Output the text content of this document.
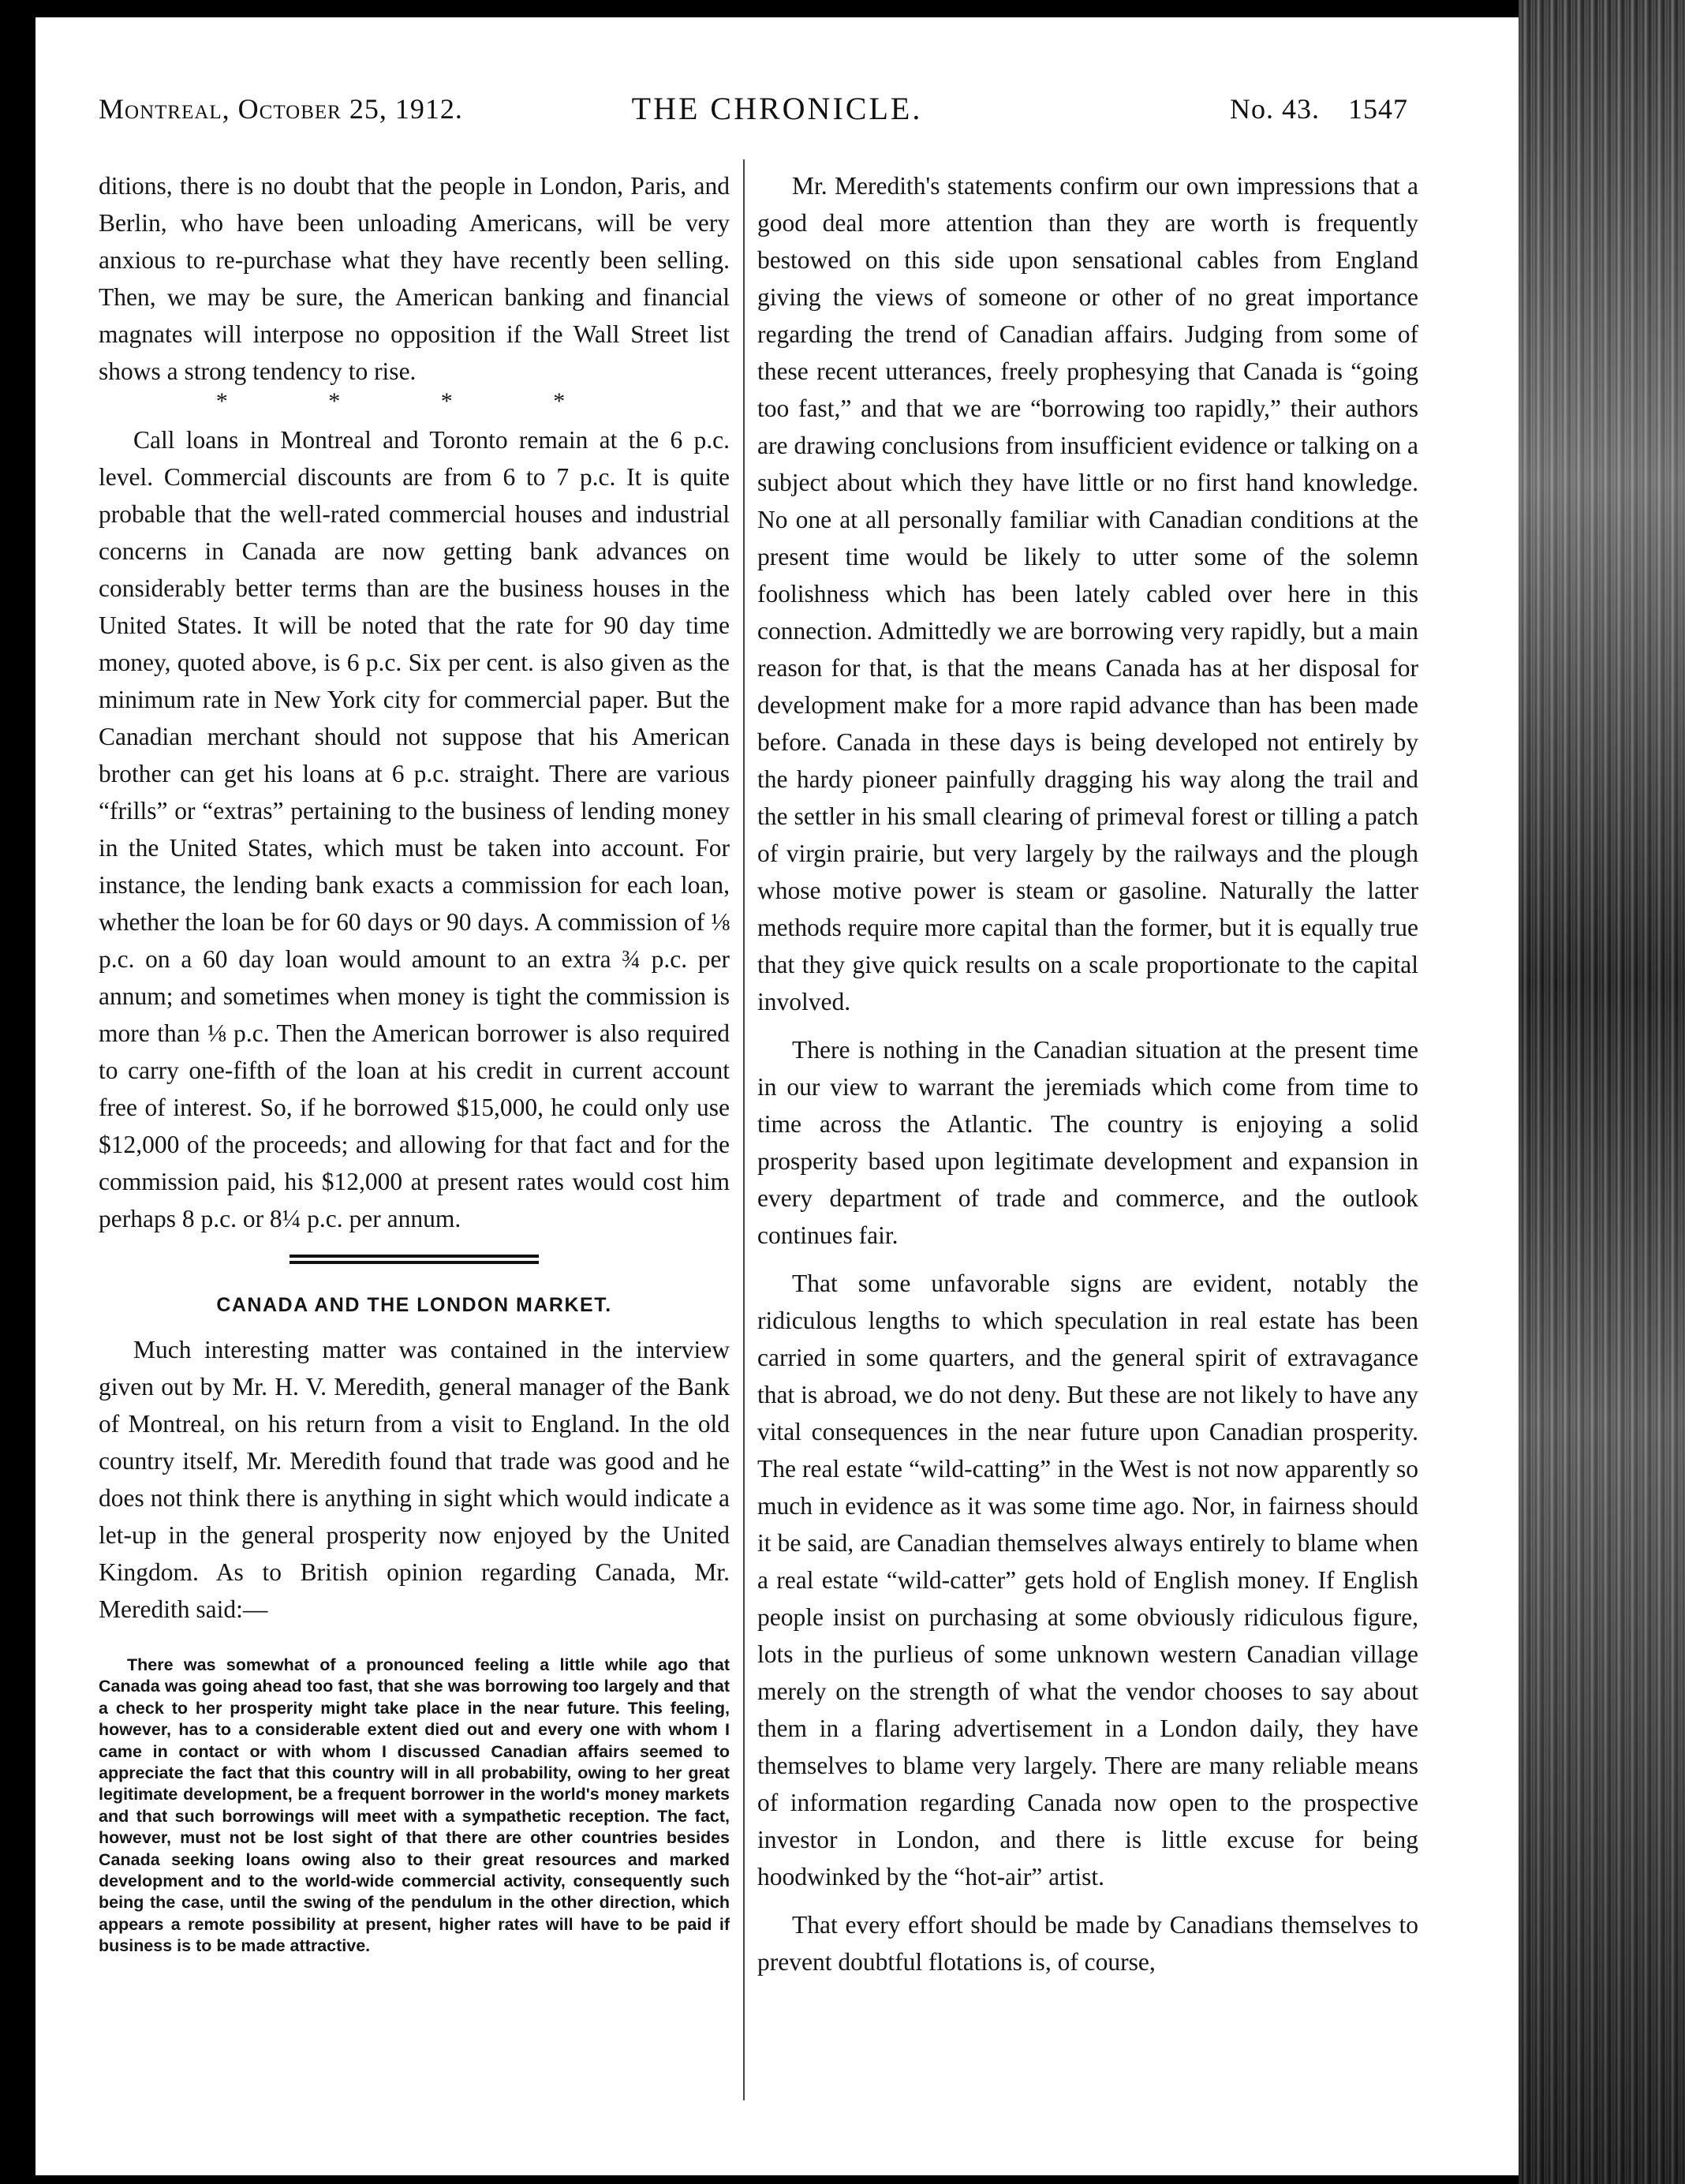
Montreal, October 25, 1912.	THE CHRONICLE.	No. 43. 1547

ditions, there is no doubt that the people in London, Paris, and Berlin, who have been unloading Americans, will be very anxious to re-purchase what they have recently been selling. Then, we may be sure, the American banking and financial magnates will interpose no opposition if the Wall Street list shows a strong tendency to rise.

* * * *

Call loans in Montreal and Toronto remain at the 6 p.c. level. Commercial discounts are from 6 to 7 p.c. It is quite probable that the well-rated commercial houses and industrial concerns in Canada are now getting bank advances on considerably better terms than are the business houses in the United States. It will be noted that the rate for 90 day time money, quoted above, is 6 p.c. Six per cent. is also given as the minimum rate in New York city for commercial paper. But the Canadian merchant should not suppose that his American brother can get his loans at 6 p.c. straight. There are various “frills” or “extras” pertaining to the business of lending money in the United States, which must be taken into account. For instance, the lending bank exacts a commission for each loan, whether the loan be for 60 days or 90 days. A commission of ⅛ p.c. on a 60 day loan would amount to an extra ¾ p.c. per annum; and sometimes when money is tight the commission is more than ⅛ p.c. Then the American borrower is also required to carry one-fifth of the loan at his credit in current account free of interest. So, if he borrowed $15,000, he could only use $12,000 of the proceeds; and allowing for that fact and for the commission paid, his $12,000 at present rates would cost him perhaps 8 p.c. or 8¼ p.c. per annum.

CANADA AND THE LONDON MARKET.

Much interesting matter was contained in the interview given out by Mr. H. V. Meredith, general manager of the Bank of Montreal, on his return from a visit to England. In the old country itself, Mr. Meredith found that trade was good and he does not think there is anything in sight which would indicate a let-up in the general prosperity now enjoyed by the United Kingdom. As to British opinion regarding Canada, Mr. Meredith said:—

There was somewhat of a pronounced feeling a little while ago that Canada was going ahead too fast, that she was borrowing too largely and that a check to her prosperity might take place in the near future. This feeling, however, has to a considerable extent died out and every one with whom I came in contact or with whom I discussed Canadian affairs seemed to appreciate the fact that this country will in all probability, owing to her great legitimate development, be a frequent borrower in the world's money markets and that such borrowings will meet with a sympathetic reception. The fact, however, must not be lost sight of that there are other countries besides Canada seeking loans owing also to their great resources and marked development and to the world-wide commercial activity, consequently such being the case, until the swing of the pendulum in the other direction, which appears a remote possibility at present, higher rates will have to be paid if business is to be made attractive.

Mr. Meredith's statements confirm our own impressions that a good deal more attention than they are worth is frequently bestowed on this side upon sensational cables from England giving the views of someone or other of no great importance regarding the trend of Canadian affairs. Judging from some of these recent utterances, freely prophesying that Canada is “going too fast,” and that we are “borrowing too rapidly,” their authors are drawing conclusions from insufficient evidence or talking on a subject about which they have little or no first hand knowledge. No one at all personally familiar with Canadian conditions at the present time would be likely to utter some of the solemn foolishness which has been lately cabled over here in this connection. Admittedly we are borrowing very rapidly, but a main reason for that, is that the means Canada has at her disposal for development make for a more rapid advance than has been made before. Canada in these days is being developed not entirely by the hardy pioneer painfully dragging his way along the trail and the settler in his small clearing of primeval forest or tilling a patch of virgin prairie, but very largely by the railways and the plough whose motive power is steam or gasoline. Naturally the latter methods require more capital than the former, but it is equally true that they give quick results on a scale proportionate to the capital involved.

There is nothing in the Canadian situation at the present time in our view to warrant the jeremiads which come from time to time across the Atlantic. The country is enjoying a solid prosperity based upon legitimate development and expansion in every department of trade and commerce, and the outlook continues fair.

That some unfavorable signs are evident, notably the ridiculous lengths to which speculation in real estate has been carried in some quarters, and the general spirit of extravagance that is abroad, we do not deny. But these are not likely to have any vital consequences in the near future upon Canadian prosperity. The real estate “wild-catting” in the West is not now apparently so much in evidence as it was some time ago. Nor, in fairness should it be said, are Canadian themselves always entirely to blame when a real estate “wild-catter” gets hold of English money. If English people insist on purchasing at some obviously ridiculous figure, lots in the purlieus of some unknown western Canadian village merely on the strength of what the vendor chooses to say about them in a flaring advertisement in a London daily, they have themselves to blame very largely. There are many reliable means of information regarding Canada now open to the prospective investor in London, and there is little excuse for being hoodwinked by the “hot-air” artist.

That every effort should be made by Canadians themselves to prevent doubtful flotations is, of course,
